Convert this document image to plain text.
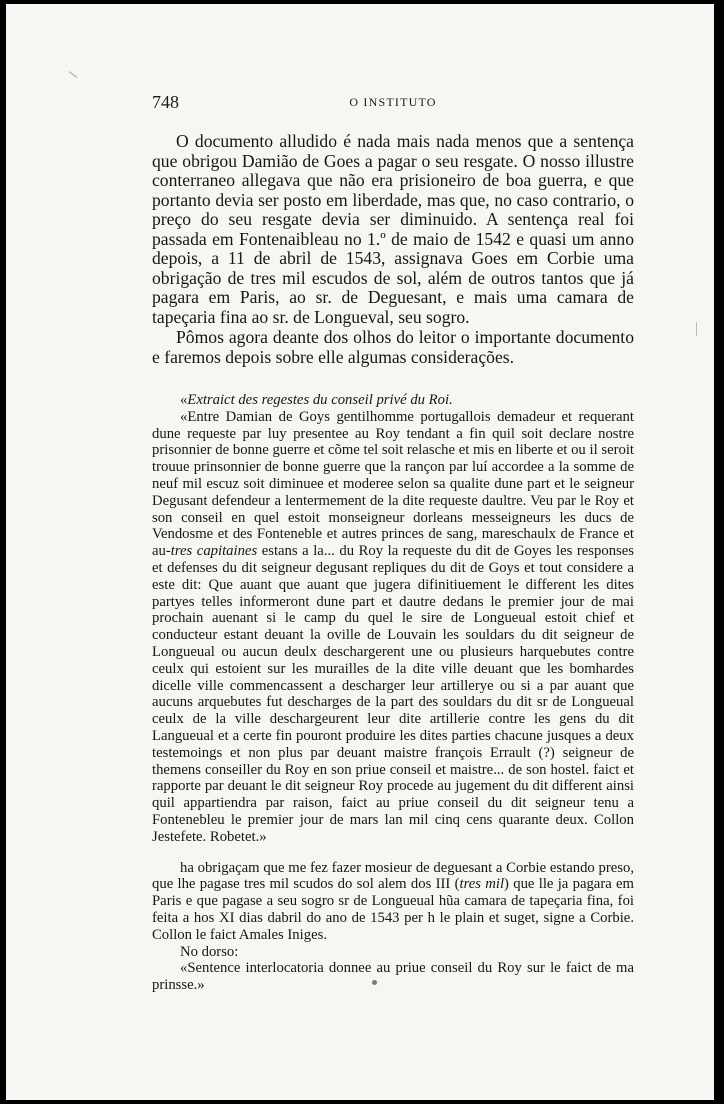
748	O INSTITUTO

O documento alludido é nada mais nada menos que a sentença que obrigou Damião de Goes a pagar o seu resgate. O nosso illustre conterraneo allegava que não era prisioneiro de boa guerra, e que portanto devia ser posto em liberdade, mas que, no caso contrario, o preço do seu resgate devia ser diminuido. A sentença real foi passada em Fontenaibleau no 1.º de maio de 1542 e quasi um anno depois, a 11 de abril de 1543, assignava Goes em Corbie uma obrigação de tres mil escudos de sol, além de outros tantos que já pagara em Paris, ao sr. de Deguesant, e mais uma camara de tapeçaria fina ao sr. de Longueval, seu sogro.

Pômos agora deante dos olhos do leitor o importante documento e faremos depois sobre elle algumas considerações.

«Extraict des regestes du conseil privé du Roi.

«Entre Damian de Goys gentilhomme portugallois demadeur et requerant dune requeste par luy presentee au Roy tendant a fin quil soit declare nostre prisonnier de bonne guerre et cõme tel soit relasche et mis en liberte et ou il seroit trouue prinsonnier de bonne guerre que la rançon par luí accordee a la somme de neuf mil escuz soit diminuee et moderee selon sa qualite dune part et le seigneur Degusant defendeur a lentermement de la dite requeste daultre. Veu par le Roy et son conseil en quel estoit monseigneur dorleans messeigneurs les ducs de Vendosme et des Fonteneble et autres princes de sang, mareschaulx de France et au-tres capitaines estans a la... du Roy la requeste du dit de Goyes les responses et defenses du dit seigneur degusant repliques du dit de Goys et tout considere a este dit: Que auant que auant que jugera difinitiuement le different les dites partyes telles informeront dune part et dautre dedans le premier jour de mai prochain auenant si le camp du quel le sire de Longueual estoit chief et conducteur estant deuant la oville de Louvain les souldars du dit seigneur de Longueual ou aucun deulx deschargerent une ou plusieurs harquebutes contre ceulx qui estoient sur les murailles de la dite ville deuant que les bomhardes dicelle ville commencassent a descharger leur artillerye ou si a par auant que aucuns arquebutes fut descharges de la part des souldars du dit sr de Longueual ceulx de la ville deschargeurent leur dite artillerie contre les gens du dit Langueual et a certe fin pouront produire les dites parties chacune jusques a deux testemoings et non plus par deuant maistre françois Errault (?) seigneur de themens conseiller du Roy en son priue conseil et maistre... de son hostel. faict et rapporte par deuant le dit seigneur Roy procede au jugement du dit different ainsi quil appartiendra par raison, faict au priue conseil du dit seigneur tenu a Fontenebleu le premier jour de mars lan mil cinq cens quarante deux. Collon Jestefete. Robetet.»

ha obrigaçam que me fez fazer mosieur de deguesant a Corbie estando preso, que lhe pagase tres mil scudos do sol alem dos III (tres mil) que lle ja pagara em Paris e que pagase a seu sogro sr de Longueual hũa camara de tapeçaria fina, foi feita a hos XI dias dabril do ano de 1543 per h le plain et suget, signe a Corbie. Collon le faict Amales Iniges.

No dorso:

«Sentence interlocatoria donnee au priue conseil du Roy sur le faict de ma prinsse.»
